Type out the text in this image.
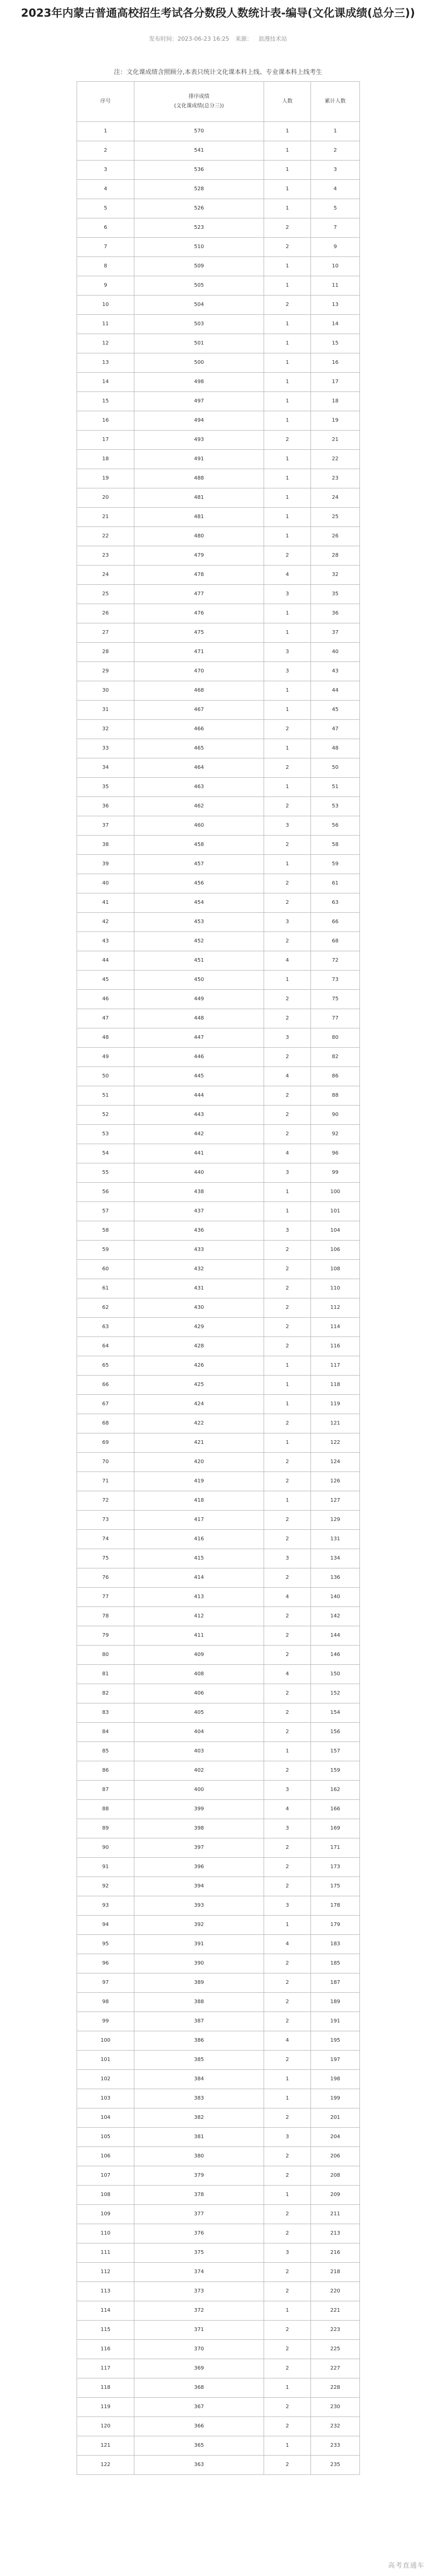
2023年内蒙古普通高校招生考试各分数段人数统计表-编导(文化课成绩(总分三))
发布时间：2023-06-23 16:25 来源： 浪漫技术站
注：文化课成绩含照顾分,本表只统计文化课本科上线、专业课本科上线考生
序号	排序成绩
(文化课成绩(总分三))	人数	累计人数
1	570	1	1
2	541	1	2
3	536	1	3
4	528	1	4
5	526	1	5
6	523	2	7
7	510	2	9
8	509	1	10
9	505	1	11
10	504	2	13
11	503	1	14
12	501	1	15
13	500	1	16
14	498	1	17
15	497	1	18
16	494	1	19
17	493	2	21
18	491	1	22
19	488	1	23
20	481	1	24
21	481	1	25
22	480	1	26
23	479	2	28
24	478	4	32
25	477	3	35
26	476	1	36
27	475	1	37
28	471	3	40
29	470	3	43
30	468	1	44
31	467	1	45
32	466	2	47
33	465	1	48
34	464	2	50
35	463	1	51
36	462	2	53
37	460	3	56
38	458	2	58
39	457	1	59
40	456	2	61
41	454	2	63
42	453	3	66
43	452	2	68
44	451	4	72
45	450	1	73
46	449	2	75
47	448	2	77
48	447	3	80
49	446	2	82
50	445	4	86
51	444	2	88
52	443	2	90
53	442	2	92
54	441	4	96
55	440	3	99
56	438	1	100
57	437	1	101
58	436	3	104
59	433	2	106
60	432	2	108
61	431	2	110
62	430	2	112
63	429	2	114
64	428	2	116
65	426	1	117
66	425	1	118
67	424	1	119
68	422	2	121
69	421	1	122
70	420	2	124
71	419	2	126
72	418	1	127
73	417	2	129
74	416	2	131
75	415	3	134
76	414	2	136
77	413	4	140
78	412	2	142
79	411	2	144
80	409	2	146
81	408	4	150
82	406	2	152
83	405	2	154
84	404	2	156
85	403	1	157
86	402	2	159
87	400	3	162
88	399	4	166
89	398	3	169
90	397	2	171
91	396	2	173
92	394	2	175
93	393	3	178
94	392	1	179
95	391	4	183
96	390	2	185
97	389	2	187
98	388	2	189
99	387	2	191
100	386	4	195
101	385	2	197
102	384	1	198
103	383	1	199
104	382	2	201
105	381	3	204
106	380	2	206
107	379	2	208
108	378	1	209
109	377	2	211
110	376	2	213
111	375	3	216
112	374	2	218
113	373	2	220
114	372	1	221
115	371	2	223
116	370	2	225
117	369	2	227
118	368	1	228
119	367	2	230
120	366	2	232
121	365	1	233
122	363	2	235
高考直通车
